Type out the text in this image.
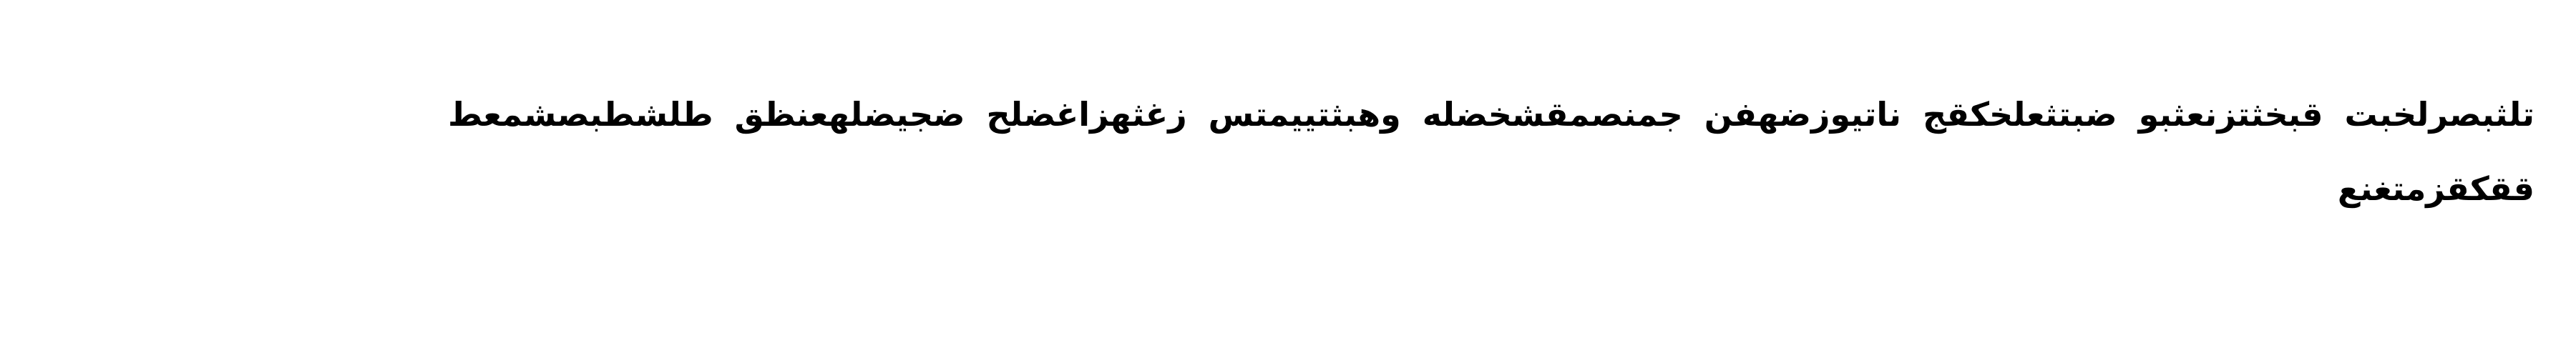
تلثبصرلخبت قبخثتزنعثبو ضبتثعلخكقج ناتيوزضهفن جمنصمقشخضله وهبثتييمتس زغثهزاغضلح ضجيضلهعنظق طلشطبصشمعط
ققكقزمتغنع
